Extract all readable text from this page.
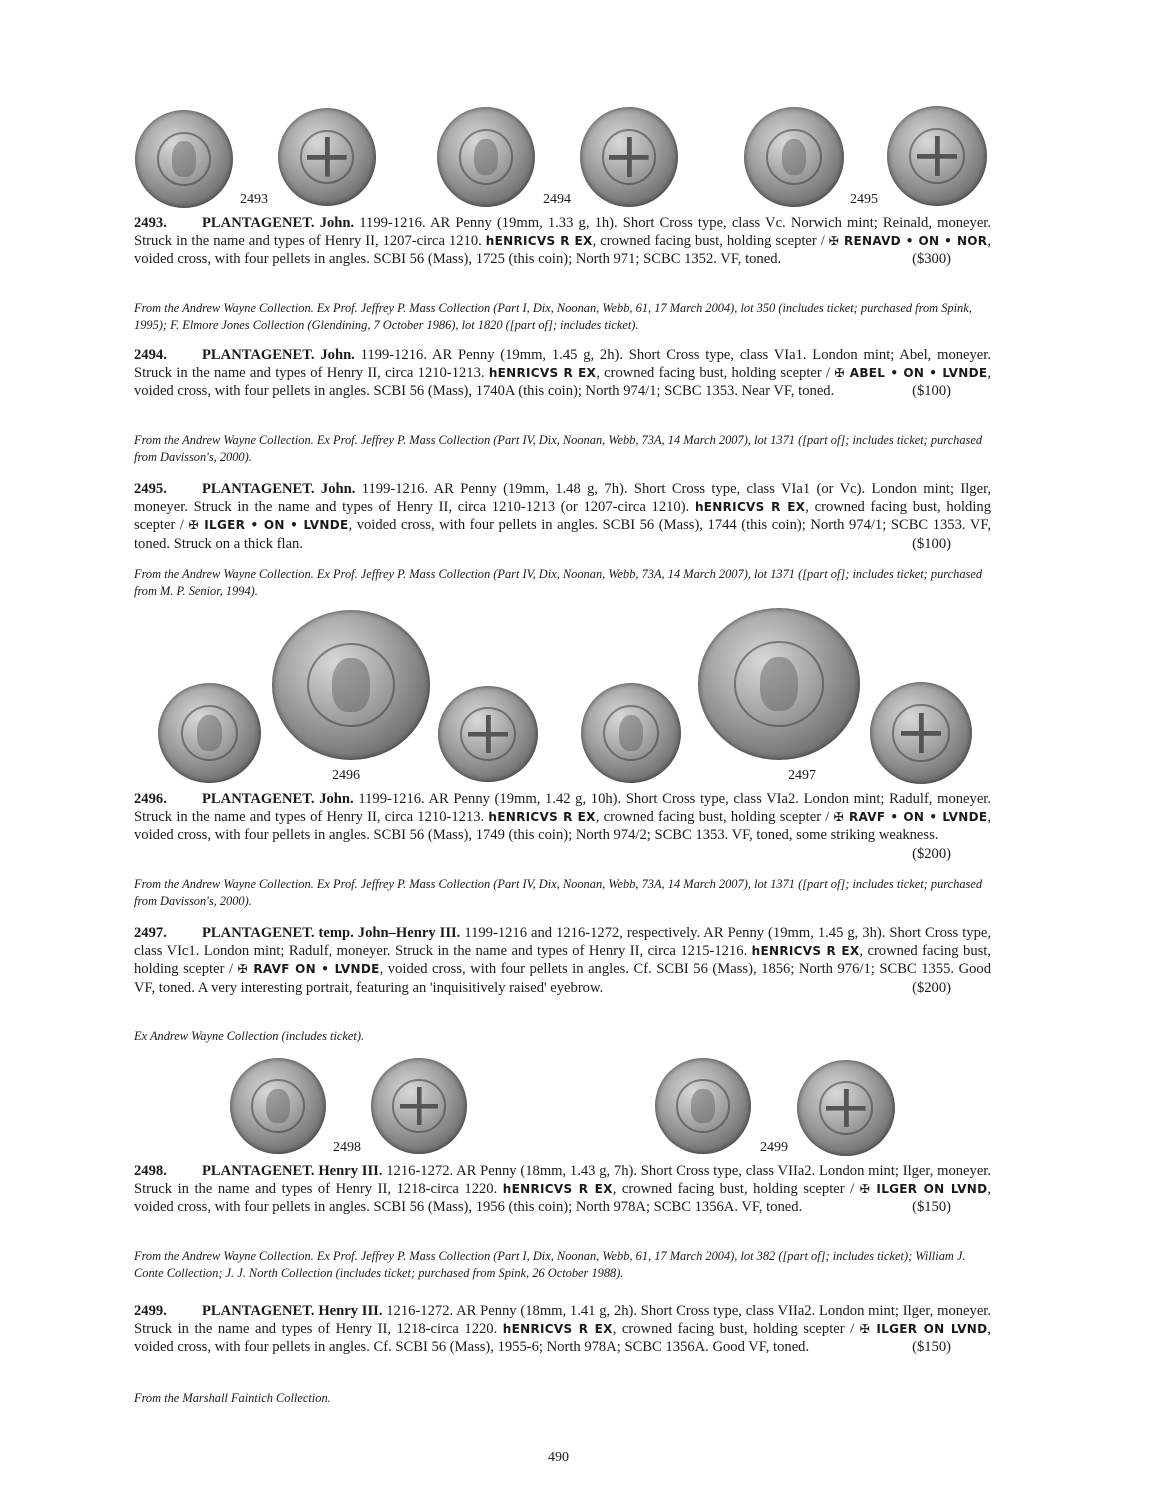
2493	2494	2495
2493. PLANTAGENET. John. 1199-1216. AR Penny (19mm, 1.33 g, 1h). Short Cross type, class Vc. Norwich mint; Reinald, moneyer. Struck in the name and types of Henry II, 1207-circa 1210. hENRICVS R EX, crowned facing bust, holding scepter / ✠ RENAVD • ON • NOR, voided cross, with four pellets in angles. SCBI 56 (Mass), 1725 (this coin); North 971; SCBC 1352. VF, toned.	($300)
From the Andrew Wayne Collection. Ex Prof. Jeffrey P. Mass Collection (Part I, Dix, Noonan, Webb, 61, 17 March 2004), lot 350 (includes ticket; purchased from Spink, 1995); F. Elmore Jones Collection (Glendining, 7 October 1986), lot 1820 ([part of]; includes ticket).
2494. PLANTAGENET. John. 1199-1216. AR Penny (19mm, 1.45 g, 2h). Short Cross type, class VIa1. London mint; Abel, moneyer. Struck in the name and types of Henry II, circa 1210-1213. hENRICVS R EX, crowned facing bust, holding scepter / ✠ ABEL • ON • LVNDE, voided cross, with four pellets in angles. SCBI 56 (Mass), 1740A (this coin); North 974/1; SCBC 1353. Near VF, toned.	($100)
From the Andrew Wayne Collection. Ex Prof. Jeffrey P. Mass Collection (Part IV, Dix, Noonan, Webb, 73A, 14 March 2007), lot 1371 ([part of]; includes ticket; purchased from Davisson's, 2000).
2495. PLANTAGENET. John. 1199-1216. AR Penny (19mm, 1.48 g, 7h). Short Cross type, class VIa1 (or Vc). London mint; Ilger, moneyer. Struck in the name and types of Henry II, circa 1210-1213 (or 1207-circa 1210). hENRICVS R EX, crowned facing bust, holding scepter / ✠ ILGER • ON • LVNDE, voided cross, with four pellets in angles. SCBI 56 (Mass), 1744 (this coin); North 974/1; SCBC 1353. VF, toned. Struck on a thick flan.	($100)
From the Andrew Wayne Collection. Ex Prof. Jeffrey P. Mass Collection (Part IV, Dix, Noonan, Webb, 73A, 14 March 2007), lot 1371 ([part of]; includes ticket; purchased from M. P. Senior, 1994).
2496	2497
2496. PLANTAGENET. John. 1199-1216. AR Penny (19mm, 1.42 g, 10h). Short Cross type, class VIa2. London mint; Radulf, moneyer. Struck in the name and types of Henry II, circa 1210-1213. hENRICVS R EX, crowned facing bust, holding scepter / ✠ RAVF • ON • LVNDE, voided cross, with four pellets in angles. SCBI 56 (Mass), 1749 (this coin); North 974/2; SCBC 1353. VF, toned, some striking weakness.
($200)
From the Andrew Wayne Collection. Ex Prof. Jeffrey P. Mass Collection (Part IV, Dix, Noonan, Webb, 73A, 14 March 2007), lot 1371 ([part of]; includes ticket; purchased from Davisson's, 2000).
2497. PLANTAGENET. temp. John–Henry III. 1199-1216 and 1216-1272, respectively. AR Penny (19mm, 1.45 g, 3h). Short Cross type, class VIc1. London mint; Radulf, moneyer. Struck in the name and types of Henry II, circa 1215-1216. hENRICVS R EX, crowned facing bust, holding scepter / ✠ RAVF ON • LVNDE, voided cross, with four pellets in angles. Cf. SCBI 56 (Mass), 1856; North 976/1; SCBC 1355. Good VF, toned. A very interesting portrait, featuring an 'inquisitively raised' eyebrow.	($200)
Ex Andrew Wayne Collection (includes ticket).
2498	2499
2498. PLANTAGENET. Henry III. 1216-1272. AR Penny (18mm, 1.43 g, 7h). Short Cross type, class VIIa2. London mint; Ilger, moneyer. Struck in the name and types of Henry II, 1218-circa 1220. hENRICVS R EX, crowned facing bust, holding scepter / ✠ ILGER ON LVND, voided cross, with four pellets in angles. SCBI 56 (Mass), 1956 (this coin); North 978A; SCBC 1356A. VF, toned.	($150)
From the Andrew Wayne Collection. Ex Prof. Jeffrey P. Mass Collection (Part I, Dix, Noonan, Webb, 61, 17 March 2004), lot 382 ([part of]; includes ticket); William J. Conte Collection; J. J. North Collection (includes ticket; purchased from Spink, 26 October 1988).
2499. PLANTAGENET. Henry III. 1216-1272. AR Penny (18mm, 1.41 g, 2h). Short Cross type, class VIIa2. London mint; Ilger, moneyer. Struck in the name and types of Henry II, 1218-circa 1220. hENRICVS R EX, crowned facing bust, holding scepter / ✠ ILGER ON LVND, voided cross, with four pellets in angles. Cf. SCBI 56 (Mass), 1955-6; North 978A; SCBC 1356A. Good VF, toned.	($150)
From the Marshall Faintich Collection.
490
